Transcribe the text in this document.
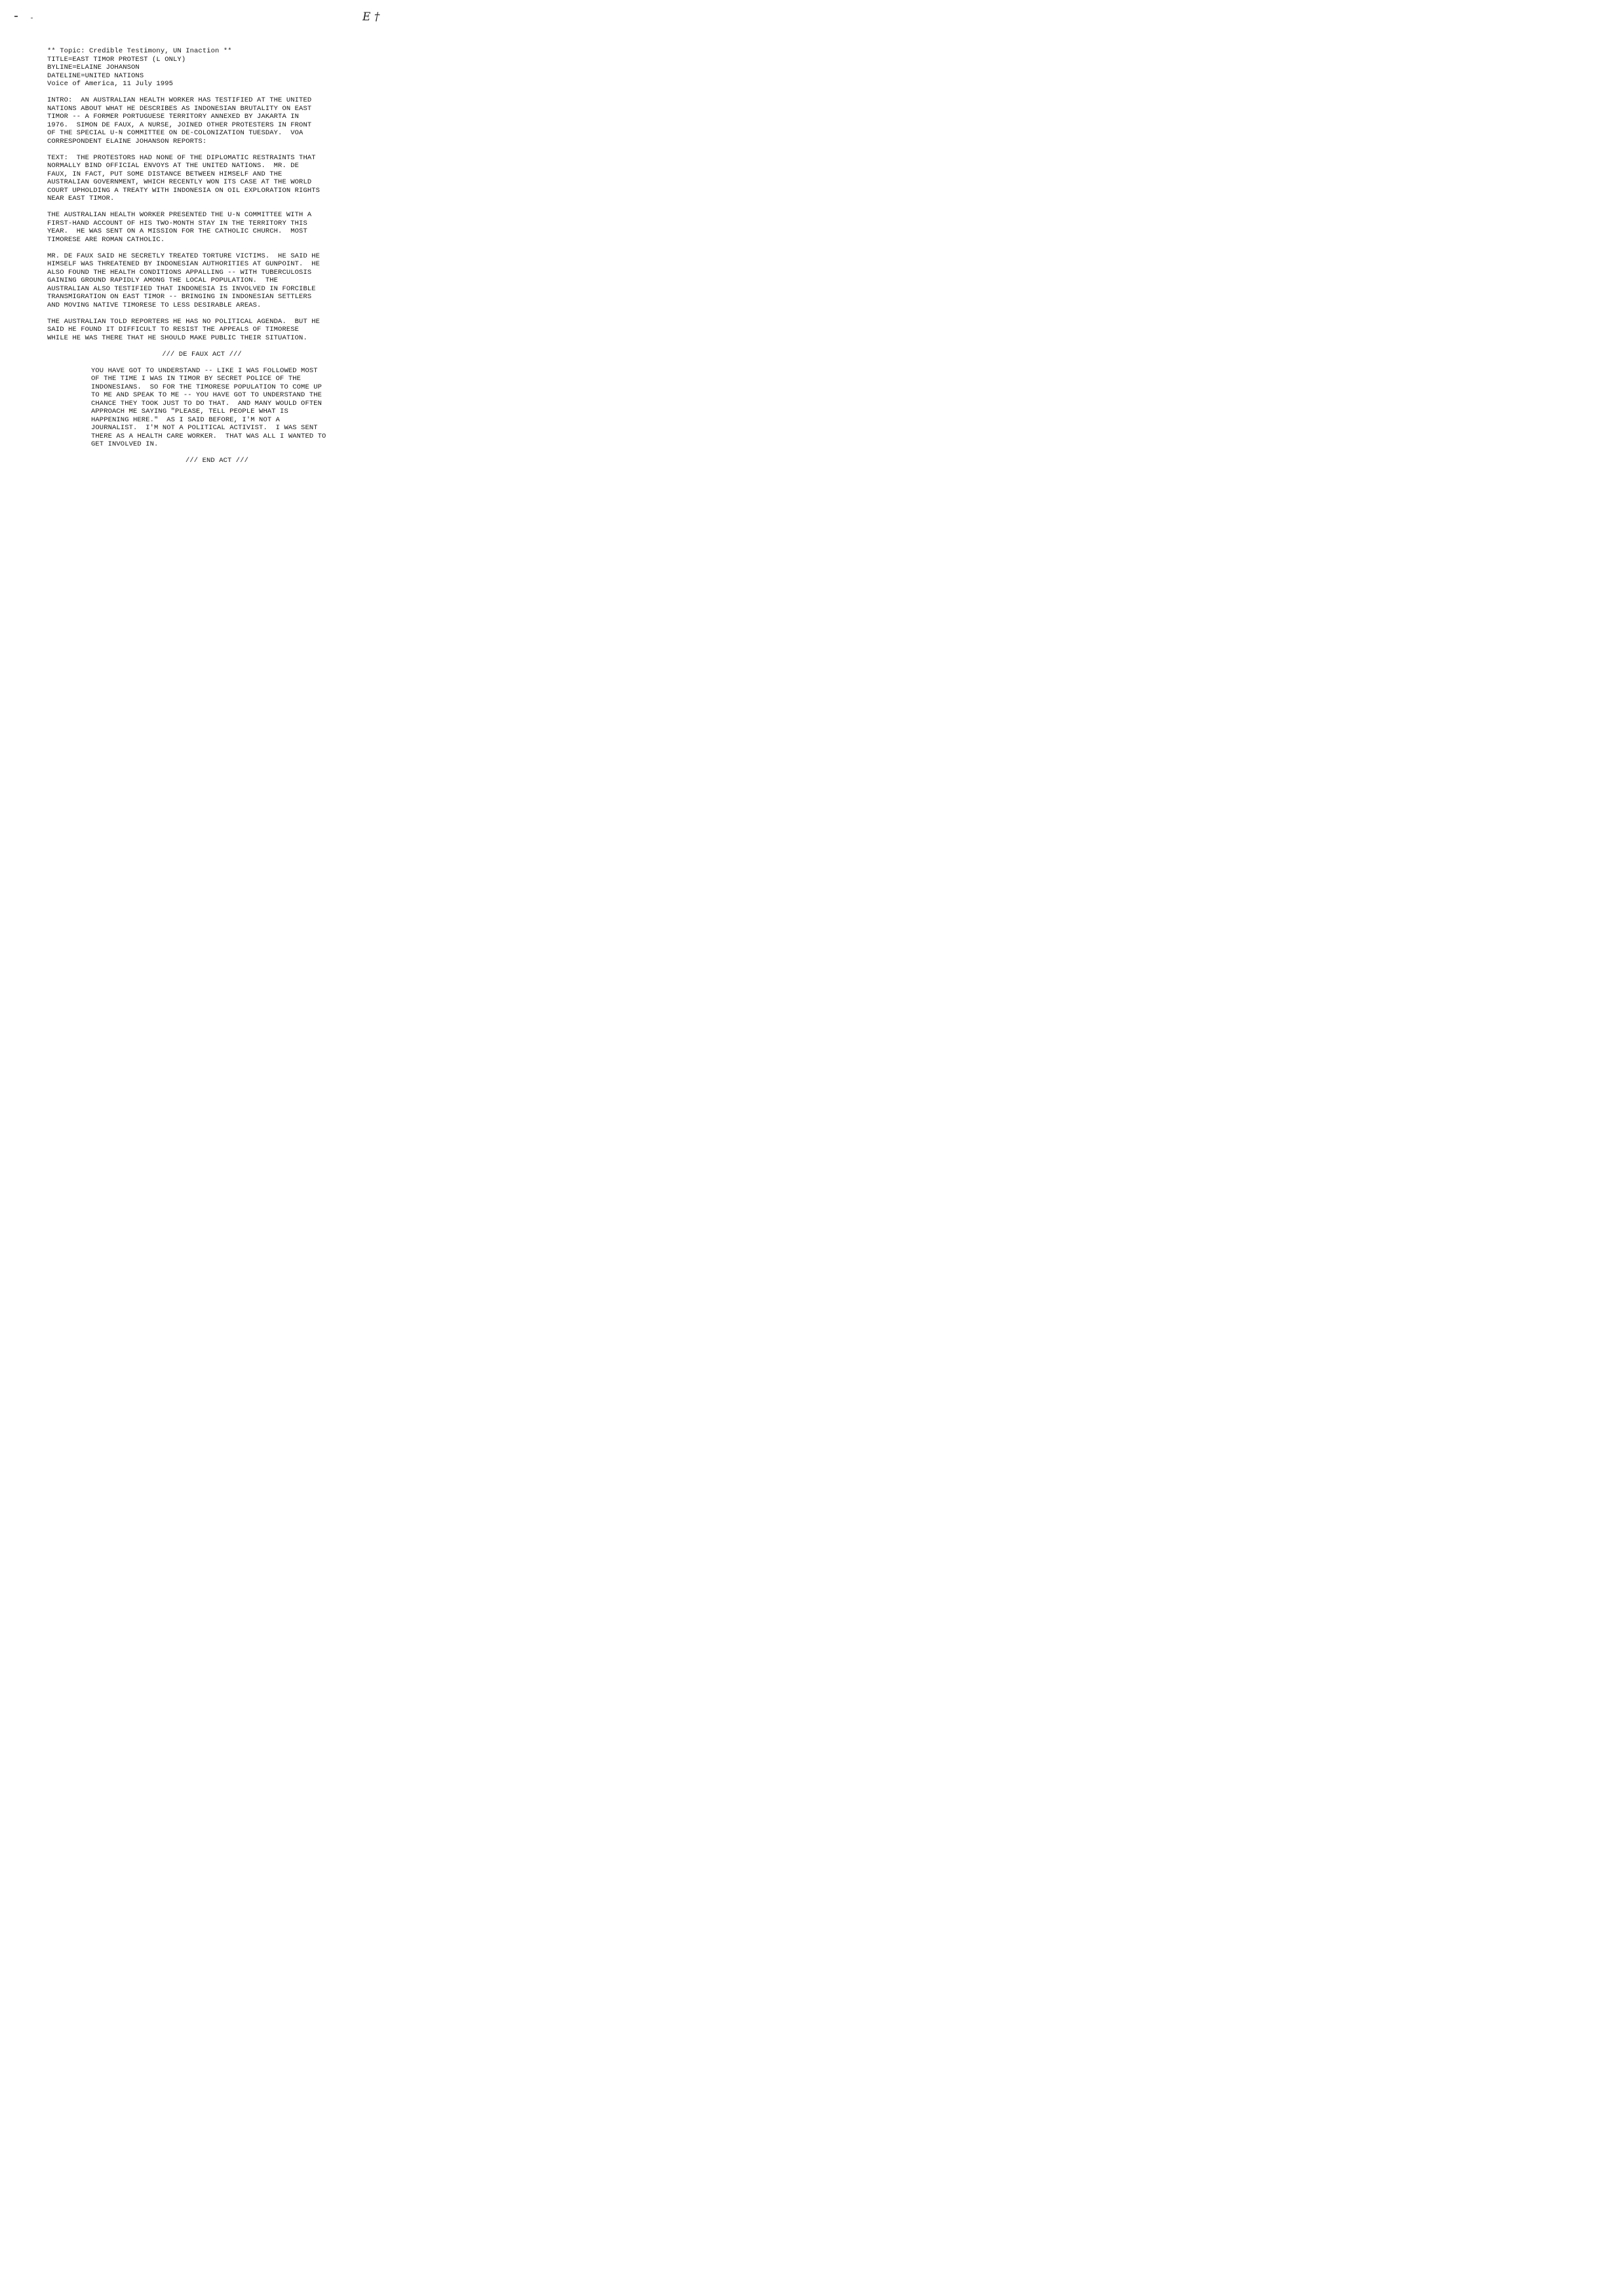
E †
** Topic: Credible Testimony, UN Inaction **
TITLE=EAST TIMOR PROTEST (L ONLY)
BYLINE=ELAINE JOHANSON
DATELINE=UNITED NATIONS
Voice of America, 11 July 1995
INTRO:  AN AUSTRALIAN HEALTH WORKER HAS TESTIFIED AT THE UNITED
NATIONS ABOUT WHAT HE DESCRIBES AS INDONESIAN BRUTALITY ON EAST
TIMOR -- A FORMER PORTUGUESE TERRITORY ANNEXED BY JAKARTA IN
1976.  SIMON DE FAUX, A NURSE, JOINED OTHER PROTESTERS IN FRONT
OF THE SPECIAL U-N COMMITTEE ON DE-COLONIZATION TUESDAY.  VOA
CORRESPONDENT ELAINE JOHANSON REPORTS:
TEXT:  THE PROTESTORS HAD NONE OF THE DIPLOMATIC RESTRAINTS THAT
NORMALLY BIND OFFICIAL ENVOYS AT THE UNITED NATIONS.  MR. DE
FAUX, IN FACT, PUT SOME DISTANCE BETWEEN HIMSELF AND THE
AUSTRALIAN GOVERNMENT, WHICH RECENTLY WON ITS CASE AT THE WORLD
COURT UPHOLDING A TREATY WITH INDONESIA ON OIL EXPLORATION RIGHTS
NEAR EAST TIMOR.
THE AUSTRALIAN HEALTH WORKER PRESENTED THE U-N COMMITTEE WITH A
FIRST-HAND ACCOUNT OF HIS TWO-MONTH STAY IN THE TERRITORY THIS
YEAR.  HE WAS SENT ON A MISSION FOR THE CATHOLIC CHURCH.  MOST
TIMORESE ARE ROMAN CATHOLIC.
MR. DE FAUX SAID HE SECRETLY TREATED TORTURE VICTIMS.  HE SAID HE
HIMSELF WAS THREATENED BY INDONESIAN AUTHORITIES AT GUNPOINT.  HE
ALSO FOUND THE HEALTH CONDITIONS APPALLING -- WITH TUBERCULOSIS
GAINING GROUND RAPIDLY AMONG THE LOCAL POPULATION.  THE
AUSTRALIAN ALSO TESTIFIED THAT INDONESIA IS INVOLVED IN FORCIBLE
TRANSMIGRATION ON EAST TIMOR -- BRINGING IN INDONESIAN SETTLERS
AND MOVING NATIVE TIMORESE TO LESS DESIRABLE AREAS.
THE AUSTRALIAN TOLD REPORTERS HE HAS NO POLITICAL AGENDA.  BUT HE
SAID HE FOUND IT DIFFICULT TO RESIST THE APPEALS OF TIMORESE
WHILE HE WAS THERE THAT HE SHOULD MAKE PUBLIC THEIR SITUATION.
/// DE FAUX ACT ///
YOU HAVE GOT TO UNDERSTAND -- LIKE I WAS FOLLOWED MOST
OF THE TIME I WAS IN TIMOR BY SECRET POLICE OF THE
INDONESIANS.  SO FOR THE TIMORESE POPULATION TO COME UP
TO ME AND SPEAK TO ME -- YOU HAVE GOT TO UNDERSTAND THE
CHANCE THEY TOOK JUST TO DO THAT.  AND MANY WOULD OFTEN
APPROACH ME SAYING "PLEASE, TELL PEOPLE WHAT IS
HAPPENING HERE."  AS I SAID BEFORE, I'M NOT A
JOURNALIST.  I'M NOT A POLITICAL ACTIVIST.  I WAS SENT
THERE AS A HEALTH CARE WORKER.  THAT WAS ALL I WANTED TO
GET INVOLVED IN.
/// END ACT ///
